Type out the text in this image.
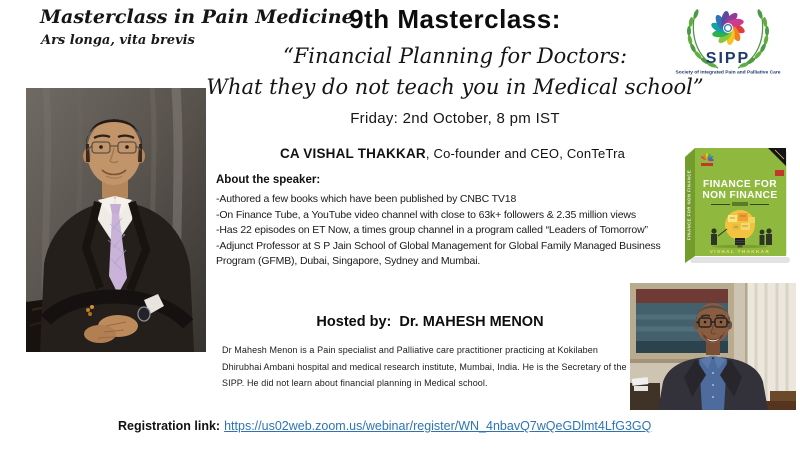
Masterclass in Pain Medicine
Ars longa, vita brevis
9th Masterclass:
“Financial Planning for Doctors:
What they do not teach you in Medical school”
Friday: 2nd October, 8 pm IST
SIPP
Society of Integrated Pain and Palliative Care
CA VISHAL THAKKAR, Co-founder and CEO, ConTeTra
About the speaker:
-Authored a few books which have been published by CNBC TV18
-On Finance Tube, a YouTube video channel with close to 63k+ followers & 2.35 million views
-Has 22 episodes on ET Now, a times group channel in a program called “Leaders of Tomorrow”
-Adjunct Professor at S P Jain School of Global Management for Global Family Managed Business Program (GFMB), Dubai, Singapore, Sydney and Mumbai.
FINANCE FOR NON FINANCE FINANCE FOR
NON FINANCE
VISHAL THAKKAR
Hosted by: Dr. MAHESH MENON
Dr Mahesh Menon is a Pain specialist and Palliative care practitioner practicing at Kokilaben Dhirubhai Ambani hospital and medical research institute, Mumbai, India. He is the Secretary of the SIPP. He did not learn about financial planning in Medical school.
Registration link: https://us02web.zoom.us/webinar/register/WN_4nbavQ7wQeGDlmt4LfG3GQ
